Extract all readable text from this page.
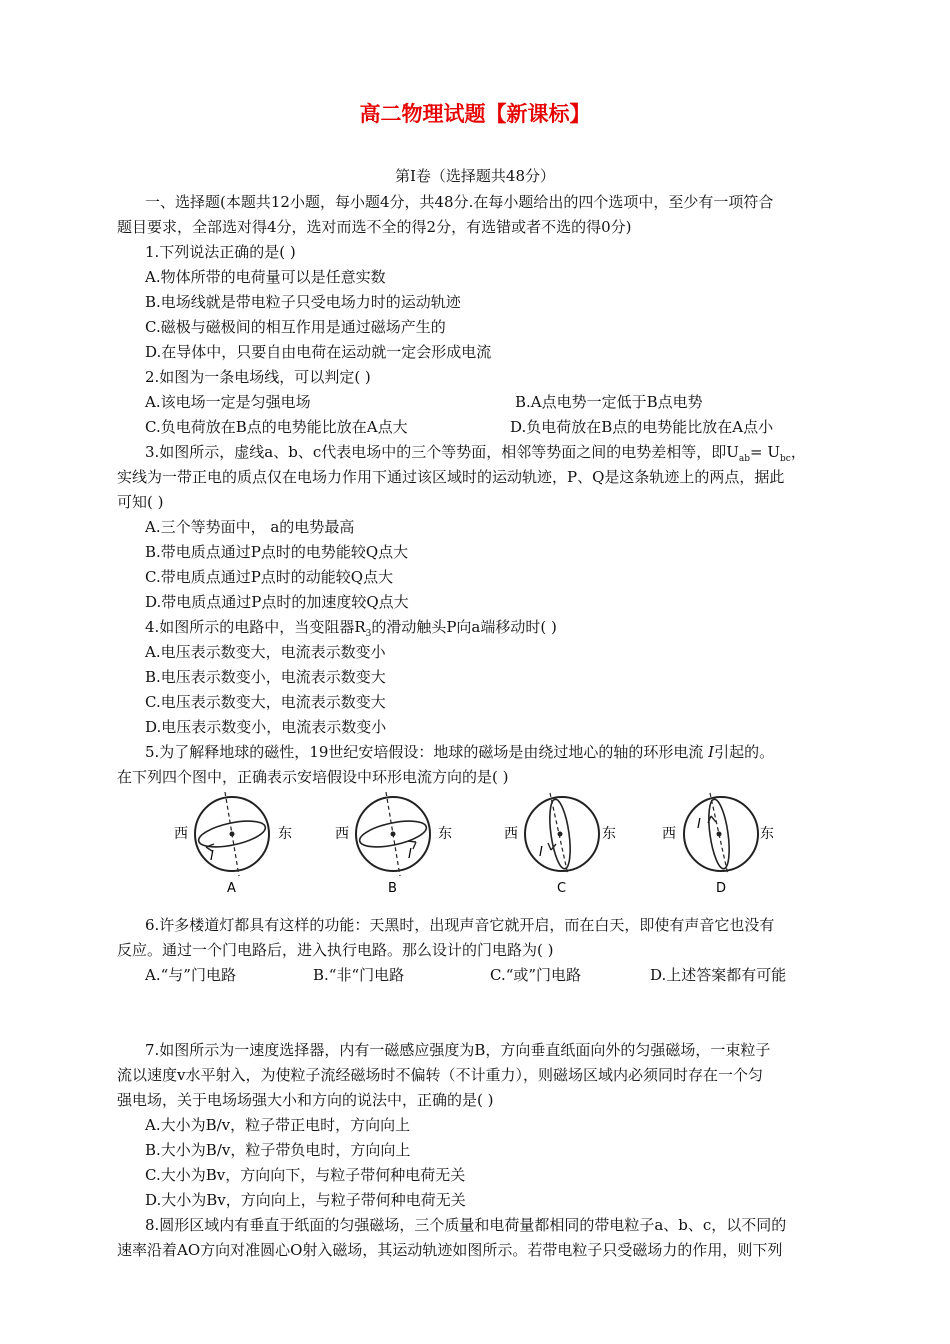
高二物理试题【新课标】
第Ⅰ卷（选择题共48分）
一、选择题(本题共12小题，每小题4分，共48分.在每小题给出的四个选项中，至少有一项符合
题目要求，全部选对得4分，选对而选不全的得2分，有选错或者不选的得0分)
1.下列说法正确的是( )
A.物体所带的电荷量可以是任意实数
B.电场线就是带电粒子只受电场力时的运动轨迹
C.磁极与磁极间的相互作用是通过磁场产生的
D.在导体中，只要自由电荷在运动就一定会形成电流
2.如图为一条电场线，可以判定( )
A.该电场一定是匀强电场	B.A点电势一定低于B点电势
C.负电荷放在B点的电势能比放在A点大	D.负电荷放在B点的电势能比放在A点小
3.如图所示，虚线a、b、c代表电场中的三个等势面，相邻等势面之间的电势差相等，即$U_{ab}= U_{bc}$，
实线为一带正电的质点仅在电场力作用下通过该区域时的运动轨迹，P、Q是这条轨迹上的两点，据此
可知( )
A.三个等势面中， a的电势最高
B.带电质点通过P点时的电势能较Q点大
C.带电质点通过P点时的动能较Q点大
D.带电质点通过P点时的加速度较Q点大
4.如图所示的电路中，当变阻器$R_3$的滑动触头P向a端移动时( )
A.电压表示数变大，电流表示数变小
B.电压表示数变小，电流表示数变大
C.电压表示数变大，电流表示数变大
D.电压表示数变小，电流表示数变小
5.为了解释地球的磁性，19世纪安培假设：地球的磁场是由绕过地心的轴的环形电流 I引起的。
在下列四个图中，正确表示安培假设中环形电流方向的是( )
西
I
东
A
西
I
东
B
西
I
东
C
西
I
东
D
6.许多楼道灯都具有这样的功能：天黑时，出现声音它就开启，而在白天，即使有声音它也没有
反应。通过一个门电路后，进入执行电路。那么设计的门电路为( )
A.“与”门电路	B.“非“门电路	C.“或”门电路	D.上述答案都有可能
7.如图所示为一速度选择器，内有一磁感应强度为B，方向垂直纸面向外的匀强磁场，一束粒子
流以速度v水平射入，为使粒子流经磁场时不偏转（不计重力），则磁场区域内必须同时存在一个匀
强电场，关于电场场强大小和方向的说法中，正确的是( )
A.大小为B/v，粒子带正电时，方向向上
B.大小为B/v，粒子带负电时，方向向上
C.大小为Bv，方向向下，与粒子带何种电荷无关
D.大小为Bv，方向向上，与粒子带何种电荷无关
8.圆形区域内有垂直于纸面的匀强磁场，三个质量和电荷量都相同的带电粒子a、b、c，以不同的
速率沿着AO方向对准圆心O射入磁场，其运动轨迹如图所示。若带电粒子只受磁场力的作用，则下列
